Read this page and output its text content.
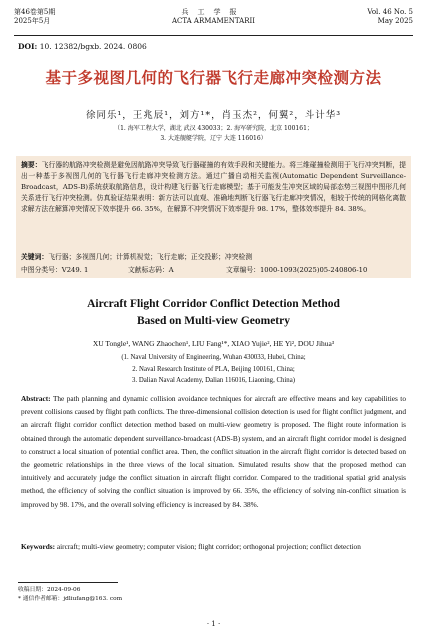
第46卷第5期
2025年5月
兵工学报
ACTA ARMAMENTARII
Vol. 46 No. 5
May 2025
DOI: 10. 12382/bgxb. 2024. 0806
基于多视图几何的飞行器飞行走廊冲突检测方法
徐同乐¹，王兆辰¹，刘方¹*，肖玉杰²，何翼²，斗计华³
（1. 海军工程大学，湖北 武汉 430033；2. 海军研究院，北京 100161；
3. 大连舰艇学院，辽宁 大连 116016）
摘要：飞行器的航路冲突检测是避免因航路冲突导致飞行器碰撞的有效手段和关键能力。将三维碰撞检测用于飞行冲突判断，提出一种基于多视图几何的飞行器飞行走廊冲突检测方法。通过广播自动相关监视(Automatic Dependent Surveillance-Broadcast，ADS-B)系统获取航路信息，设计构建飞行器飞行走廊模型；基于可能发生冲突区域的局部态势三视图中图形几何关系进行飞行冲突检测。仿真验证结果表明：新方法可以直观、准确地判断飞行器飞行走廊冲突情况，相较于传统的网格化离散求解方法在解算冲突情况下效率提升 66. 35%，在解算不冲突情况下效率提升 98. 17%，整体效率提升 84. 38%。
关键词：飞行器；多视图几何；计算机视觉；飞行走廊；正交投影；冲突检测
中图分类号：V249. 1	文献标志码：A	文章编号：1000-1093(2025)05-240806-10
Aircraft Flight Corridor Conflict Detection Method
Based on Multi-view Geometry
XU Tongle¹, WANG Zhaochen¹, LIU Fang¹*, XIAO Yujie², HE Yi², DOU Jihua³
(1. Naval University of Engineering, Wuhan 430033, Hubei, China;
2. Naval Research Institute of PLA, Beijing 100161, China;
3. Dalian Naval Academy, Dalian 116016, Liaoning, China)
Abstract: The path planning and dynamic collision avoidance techniques for aircraft are effective means and key capabilities to prevent collisions caused by flight path conflicts. The three-dimensional collision detection is used for flight conflict judgment, and an aircraft flight corridor conflict detection method based on multi-view geometry is proposed. The flight route information is obtained through the automatic dependent surveillance-broadcast (ADS-B) system, and an aircraft flight corridor model is designed to construct a local situation of potential conflict area. Then, the conflict situation in the aircraft flight corridor is detected based on the geometric relationships in the three views of the local situation. Simulated results show that the proposed method can intuitively and accurately judge the conflict situation in aircraft flight corridor. Compared to the traditional spatial grid analysis method, the efficiency of solving the conflict situation is improved by 66. 35%, the efficiency of solving nin-conflict situation is improved by 98. 17%, and the overall solving efficiency is increased by 84. 38%.
Keywords: aircraft; multi-view geometry; computer vision; flight corridor; orthogonal projection; conflict detection
收稿日期：2024-09-06
* 通信作者邮箱：jdliufang@163. com
· 1 ·
